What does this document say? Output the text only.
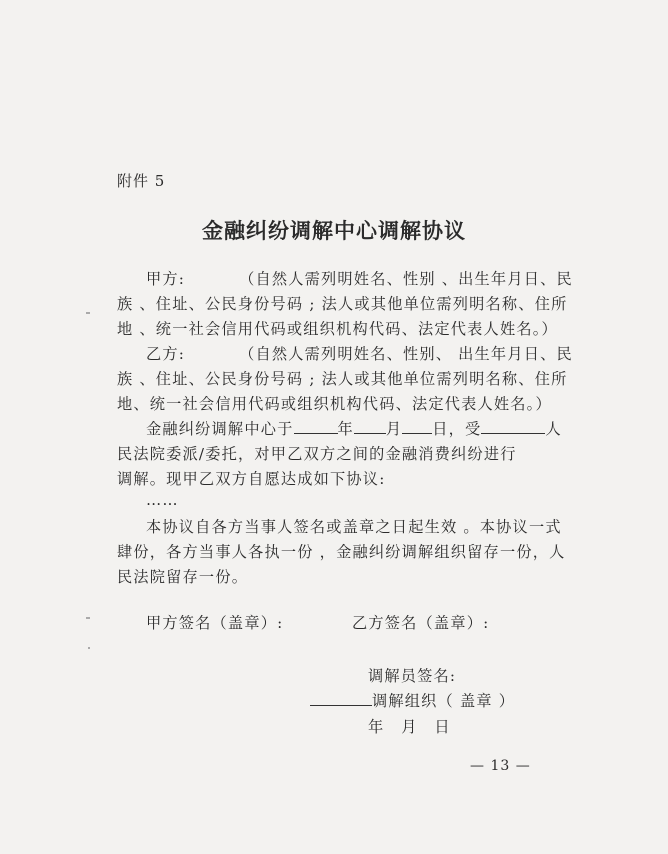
附件 5
金融纠纷调解中心调解协议
甲方:	（自然人需列明姓名、性别 、出生年月日、民
族 、住址、公民身份号码 ; 法人或其他单位需列明名称、住所
地 、统一社会信用代码或组织机构代码、法定代表人姓名。）
乙方:	（自然人需列明姓名、性别、 出生年月日、民
族 、住址、公民身份号码 ; 法人或其他单位需列明名称、住所
地、统一社会信用代码或组织机构代码、法定代表人姓名。）
金融纠纷调解中心于	年 月 日，受	人
民法院委派/委托，对甲乙双方之间的金融消费纠纷进行
调解。现甲乙双方自愿达成如下协议:
……
本协议自各方当事人签名或盖章之日起生效 。本协议一式
肆份，各方当事人各执一份 ，金融纠纷调解组织留存一份，人
民法院留存一份。
甲方签名（盖章）:	乙方签名（盖章）:
调解员签名:
调解组织（ 盖章 ）
年 月 日
— 13 —
